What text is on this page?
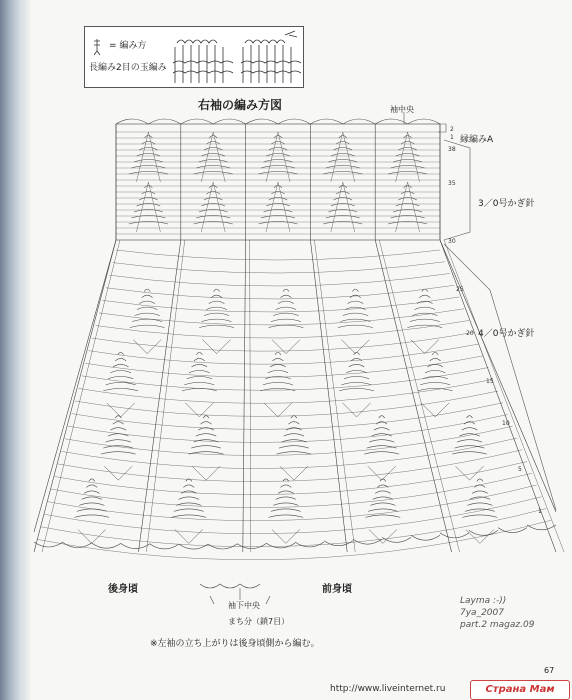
= 編み方
長編み2目の玉編み
右袖の編み方図	袖中央
縁編みA
3／0号かぎ針
4／0号かぎ針
2
1
38
35
30
25
20
15
10
5
1
後身頃	前身頃
袖下中央
まち分（鎖7目）
※左袖の立ち上がりは後身頃側から編む。
Layma :-))
7ya_2007
part.2 magaz.09
67
http://www.liveinternet.ru	Страна Мам
